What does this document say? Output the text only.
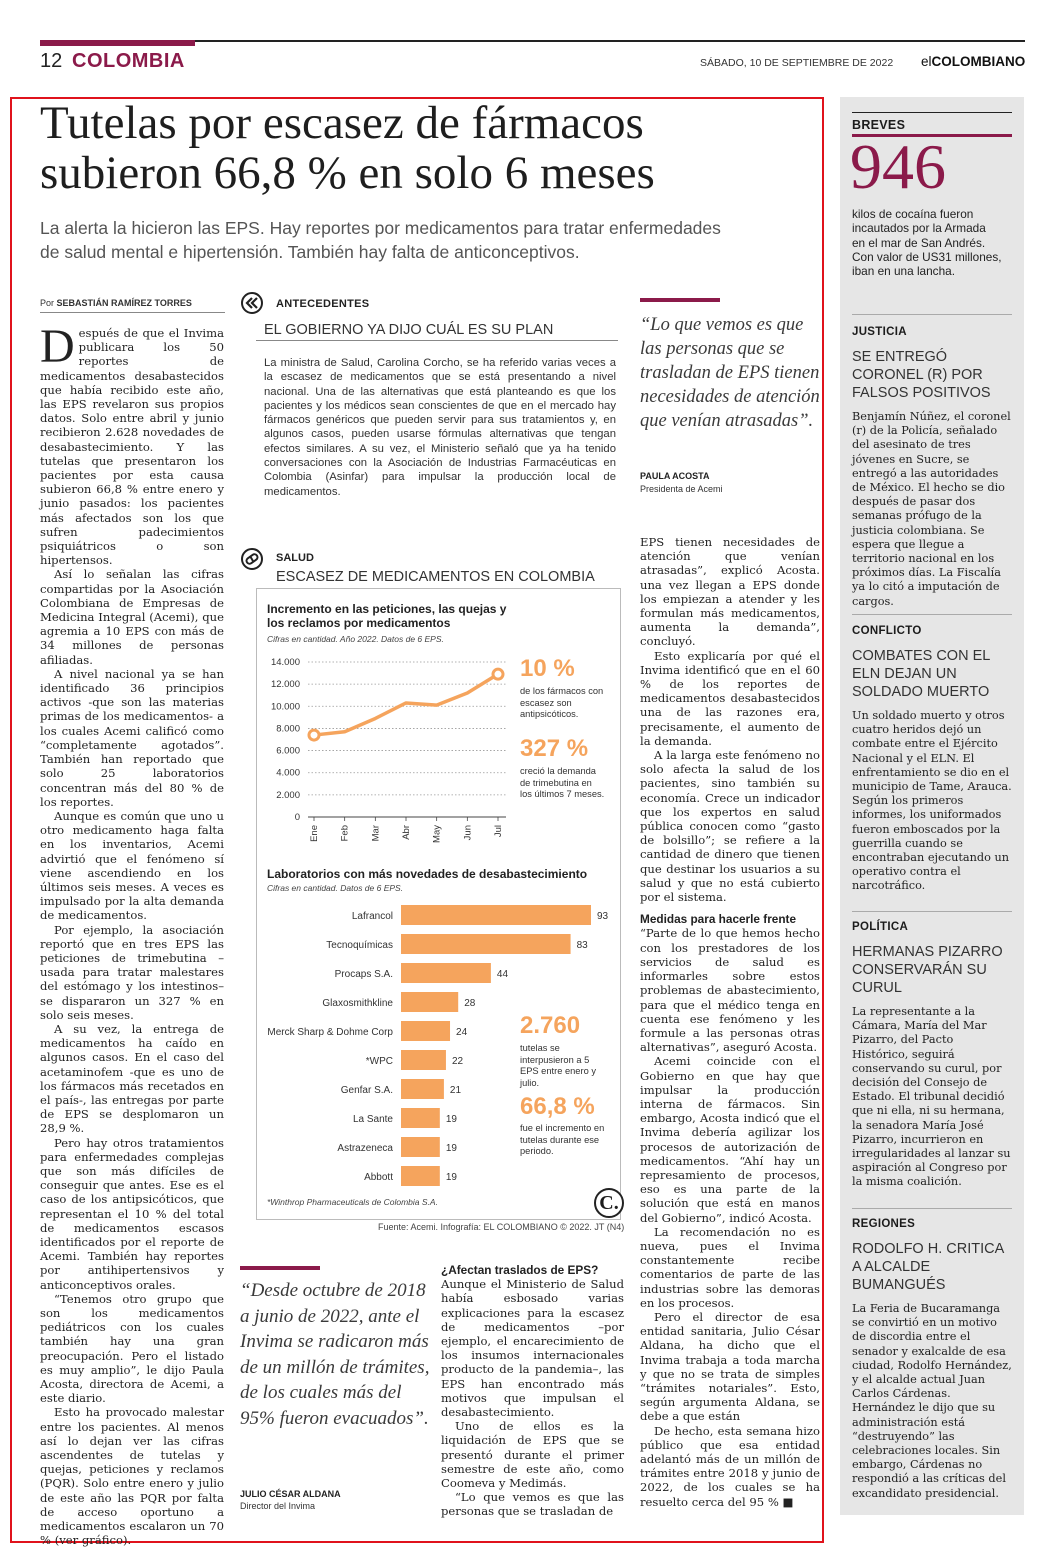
12 COLOMBIA	SÁBADO, 10 DE SEPTIEMBRE DE 2022 elCOLOMBIANO
Tutelas por escasez de fármacos
subieron 66,8 % en solo 6 meses
La alerta la hicieron las EPS. Hay reportes por medicamentos para tratar enfermedades
de salud mental e hipertensión. También hay falta de anticonceptivos.
Por SEBASTIÁN RAMÍREZ TORRES

Después de que el Invima publicara los 50 reportes de medicamentos desabastecidos que había recibido este año, las EPS revelaron sus propios datos. Solo entre abril y junio recibieron 2.628 novedades de desabastecimiento. Y las tutelas que presentaron los pacientes por esta causa subieron 66,8 % entre enero y junio pasados: los pacientes más afectados son los que sufren padecimientos psiquiátricos o son hipertensos.

Así lo señalan las cifras compartidas por la Asociación Colombiana de Empresas de Medicina Integral (Acemi), que agremia a 10 EPS con más de 34 millones de personas afiliadas.

A nivel nacional ya se han identificado 36 principios activos -que son las materias primas de los medicamentos- a los cuales Acemi calificó como “completamente agotados”. También han reportado que solo 25 laboratorios concentran más del 80 % de los reportes.

Aunque es común que uno u otro medicamento haga falta en los inventarios, Acemi advirtió que el fenómeno sí viene ascendiendo en los últimos seis meses. A veces es impulsado por la alta demanda de medicamentos.

Por ejemplo, la asociación reportó que en tres EPS las peticiones de trimebutina –usada para tratar malestares del estómago y los intestinos– se dispararon un 327 % en solo seis meses.

A su vez, la entrega de medicamentos ha caído en algunos casos. En el caso del acetaminofem -que es uno de los fármacos más recetados en el país-, las entregas por parte de EPS se desplomaron un 28,9 %.

Pero hay otros tratamientos para enfermedades complejas que son más difíciles de conseguir que antes. Ese es el caso de los antipsicóticos, que representan el 10 % del total de medicamentos escasos identificados por el reporte de Acemi. También hay reportes por antihipertensivos y anticonceptivos orales.

“Tenemos otro grupo que son los medicamentos pediátricos con los cuales también hay una gran preocupación. Pero el listado es muy amplio”, le dijo Paula Acosta, directora de Acemi, a este diario.

Esto ha provocado malestar entre los pacientes. Al menos así lo dejan ver las cifras ascendentes de tutelas y quejas, peticiones y reclamos (PQR). Solo entre enero y julio de este año las PQR por falta de acceso oportuno a medicamentos escalaron un 70 % (ver gráfico).

ANTECEDENTES
EL GOBIERNO YA DIJO CUÁL ES SU PLAN
La ministra de Salud, Carolina Corcho, se ha referido varias veces a la escasez de medicamentos que se está presentando a nivel nacional. Una de las alternativas que está planteando es que los pacientes y los médicos sean conscientes de que en el mercado hay fármacos genéricos que pueden servir para sus tratamientos y, en algunos casos, pueden usarse fórmulas alternativas que tengan efectos similares. A su vez, el Ministerio señaló que ya ha tenido conversaciones con la Asociación de Industrias Farmacéuticas en Colombia (Asinfar) para impulsar la producción local de medicamentos.
“Lo que vemos es que las personas que se trasladan de EPS tienen necesidades de atención que venían atrasadas”.
PAULA ACOSTA
Presidenta de Acemi

EPS tienen necesidades de atención que venían atrasadas”, explicó Acosta. una vez llegan a EPS donde los empiezan a atender y les formulan más medicamentos, aumenta la demanda”, concluyó.

Esto explicaría por qué el Invima identificó que en el 60 % de los reportes de medicamentos desabastecidos una de las razones era, precisamente, el aumento de la demanda.

A la larga este fenómeno no solo afecta la salud de los pacientes, sino también su economía. Crece un indicador que los expertos en salud pública conocen como “gasto de bolsillo”; se refiere a la cantidad de dinero que tienen que destinar los usuarios a su salud y que no está cubierto por el sistema.

Medidas para hacerle frente

“Parte de lo que hemos hecho con los prestadores de los servicios de salud es informarles sobre estos problemas de abastecimiento, para que el médico tenga en cuenta ese fenómeno y les formule a las personas otras alternativas”, aseguró Acosta.

Acemi coincide con el Gobierno en que hay que impulsar la producción interna de fármacos. Sin embargo, Acosta indicó que el Invima debería agilizar los procesos de autorización de medicamentos. “Ahí hay un represamiento de procesos, eso es una parte de la solución que está en manos del Gobierno”, indicó Acosta.

La recomendación no es nueva, pues el Invima constantemente recibe comentarios de parte de las industrias sobre las demoras en los procesos.

Pero el director de esa entidad sanitaria, Julio César Aldana, ha dicho que el Invima trabaja a toda marcha y que no se trata de simples “trámites notariales”. Esto, según argumenta Aldana, se debe a que están

De hecho, esta semana hizo público que esa entidad adelantó más de un millón de trámites entre 2018 y junio de 2022, de los cuales se ha resuelto cerca del 95 % ■

SALUD
ESCASEZ DE MEDICAMENTOS EN COLOMBIA
Incremento en las peticiones, las quejas y los reclamos por medicamentos
Cifras en cantidad. Año 2022. Datos de 6 EPS.
0
2.000
4.000
6.000
8.000
10.000
12.000
14.000
Ene Feb Mar Abr May Jun Jul
10 %
de los fármacos con escasez son antipsicóticos.
327 %
creció la demanda de trimebutina en los últimos 7 meses.
Laboratorios con más novedades de desabastecimiento
Cifras en cantidad. Datos de 6 EPS.
Lafrancol	93
Tecnoquímicas	83
Procaps S.A.	44
Glaxosmithkline	28
Merck Sharp & Dohme Corp	24
*WPC	22
Genfar S.A.	21
La Sante	19
Astrazeneca	19
Abbott	19
2.760
tutelas se interpusieron a 5 EPS entre enero y julio.
66,8 %
fue el incremento en tutelas durante ese periodo.
*Winthrop Pharmaceuticals de Colombia S.A.	C.
Fuente: Acemi. Infografía: EL COLOMBIANO © 2022. JT (N4)
“Desde octubre de 2018 a junio de 2022, ante el Invima se radicaron más de un millón de trámites, de los cuales más del 95% fueron evacuados”.
JULIO CÉSAR ALDANA
Director del Invima

¿Afectan traslados de EPS?

Aunque el Ministerio de Salud había esbosado varias explicaciones para la escasez de medicamentos –por ejemplo, el encarecimiento de los insumos internacionales producto de la pandemia–, las EPS han encontrado más motivos que impulsan el desabastecimiento.

Uno de ellos es la liquidación de EPS que se presentó durante el primer semestre de este año, como Coomeva y Medimás.

“Lo que vemos es que las personas que se trasladan de

BREVES
946
kilos de cocaína fueron incautados por la Armada en el mar de San Andrés. Con valor de US31 millones, iban en una lancha.
JUSTICIA
SE ENTREGÓ CORONEL (R) POR FALSOS POSITIVOS
Benjamín Núñez, el coronel (r) de la Policía, señalado del asesinato de tres jóvenes en Sucre, se entregó a las autoridades de México. El hecho se dio después de pasar dos semanas prófugo de la justicia colombiana. Se espera que llegue a territorio nacional en los próximos días. La Fiscalía ya lo citó a imputación de cargos.
CONFLICTO
COMBATES CON EL ELN DEJAN UN SOLDADO MUERTO
Un soldado muerto y otros cuatro heridos dejó un combate entre el Ejército Nacional y el ELN. El enfrentamiento se dio en el municipio de Tame, Arauca. Según los primeros informes, los uniformados fueron emboscados por la guerrilla cuando se encontraban ejecutando un operativo contra el narcotráfico.
POLÍTICA
HERMANAS PIZARRO CONSERVARÁN SU CURUL
La representante a la Cámara, María del Mar Pizarro, del Pacto Histórico, seguirá conservando su curul, por decisión del Consejo de Estado. El tribunal decidió que ni ella, ni su hermana, la senadora María José Pizarro, incurrieron en irregularidades al lanzar su aspiración al Congreso por la misma coalición.
REGIONES
RODOLFO H. CRITICA A ALCALDE BUMANGUÉS
La Feria de Bucaramanga se convirtió en un motivo de discordia entre el senador y exalcalde de esa ciudad, Rodolfo Hernández, y el alcalde actual Juan Carlos Cárdenas. Hernández le dijo que su administración está “destruyendo” las celebraciones locales. Sin embargo, Cárdenas no respondió a las críticas del excandidato presidencial.
